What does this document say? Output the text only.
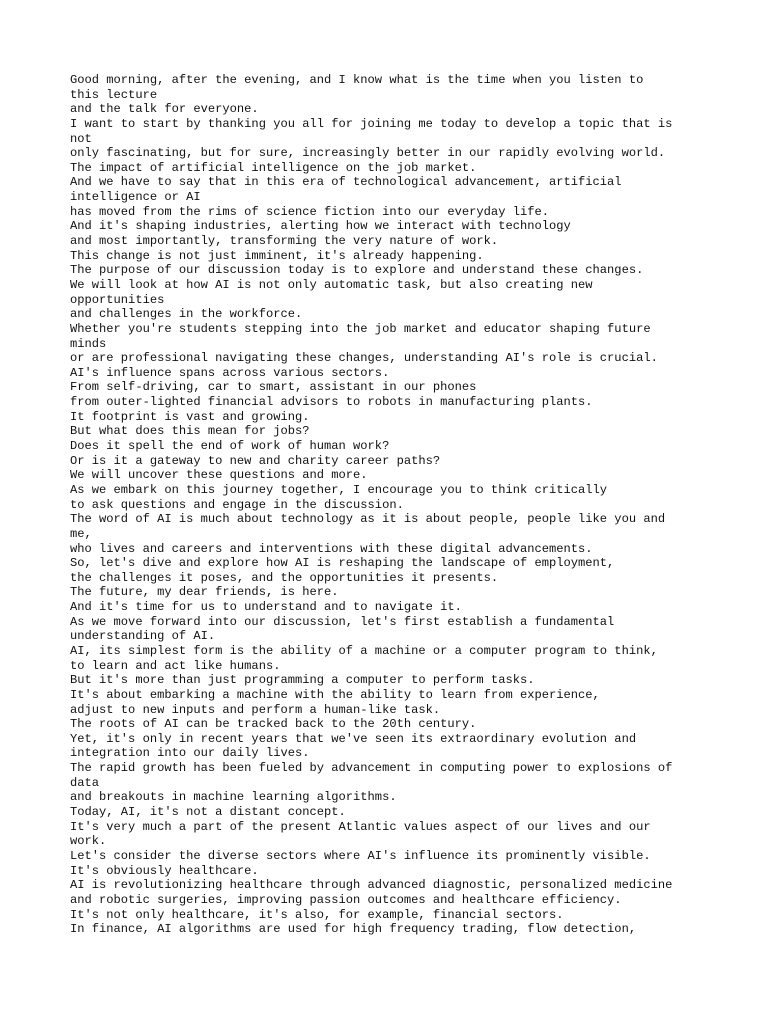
Good morning, after the evening, and I know what is the time when you listen to
this lecture
and the talk for everyone.
I want to start by thanking you all for joining me today to develop a topic that is
not
only fascinating, but for sure, increasingly better in our rapidly evolving world.
The impact of artificial intelligence on the job market.
And we have to say that in this era of technological advancement, artificial
intelligence or AI
has moved from the rims of science fiction into our everyday life.
And it's shaping industries, alerting how we interact with technology
and most importantly, transforming the very nature of work.
This change is not just imminent, it's already happening.
The purpose of our discussion today is to explore and understand these changes.
We will look at how AI is not only automatic task, but also creating new
opportunities
and challenges in the workforce.
Whether you're students stepping into the job market and educator shaping future
minds
or are professional navigating these changes, understanding AI's role is crucial.
AI's influence spans across various sectors.
From self-driving, car to smart, assistant in our phones
from outer-lighted financial advisors to robots in manufacturing plants.
It footprint is vast and growing.
But what does this mean for jobs?
Does it spell the end of work of human work?
Or is it a gateway to new and charity career paths?
We will uncover these questions and more.
As we embark on this journey together, I encourage you to think critically
to ask questions and engage in the discussion.
The word of AI is much about technology as it is about people, people like you and
me,
who lives and careers and interventions with these digital advancements.
So, let's dive and explore how AI is reshaping the landscape of employment,
the challenges it poses, and the opportunities it presents.
The future, my dear friends, is here.
And it's time for us to understand and to navigate it.
As we move forward into our discussion, let's first establish a fundamental
understanding of AI.
AI, its simplest form is the ability of a machine or a computer program to think,
to learn and act like humans.
But it's more than just programming a computer to perform tasks.
It's about embarking a machine with the ability to learn from experience,
adjust to new inputs and perform a human-like task.
The roots of AI can be tracked back to the 20th century.
Yet, it's only in recent years that we've seen its extraordinary evolution and
integration into our daily lives.
The rapid growth has been fueled by advancement in computing power to explosions of
data
and breakouts in machine learning algorithms.
Today, AI, it's not a distant concept.
It's very much a part of the present Atlantic values aspect of our lives and our
work.
Let's consider the diverse sectors where AI's influence its prominently visible.
It's obviously healthcare.
AI is revolutionizing healthcare through advanced diagnostic, personalized medicine
and robotic surgeries, improving passion outcomes and healthcare efficiency.
It's not only healthcare, it's also, for example, financial sectors.
In finance, AI algorithms are used for high frequency trading, flow detection,
